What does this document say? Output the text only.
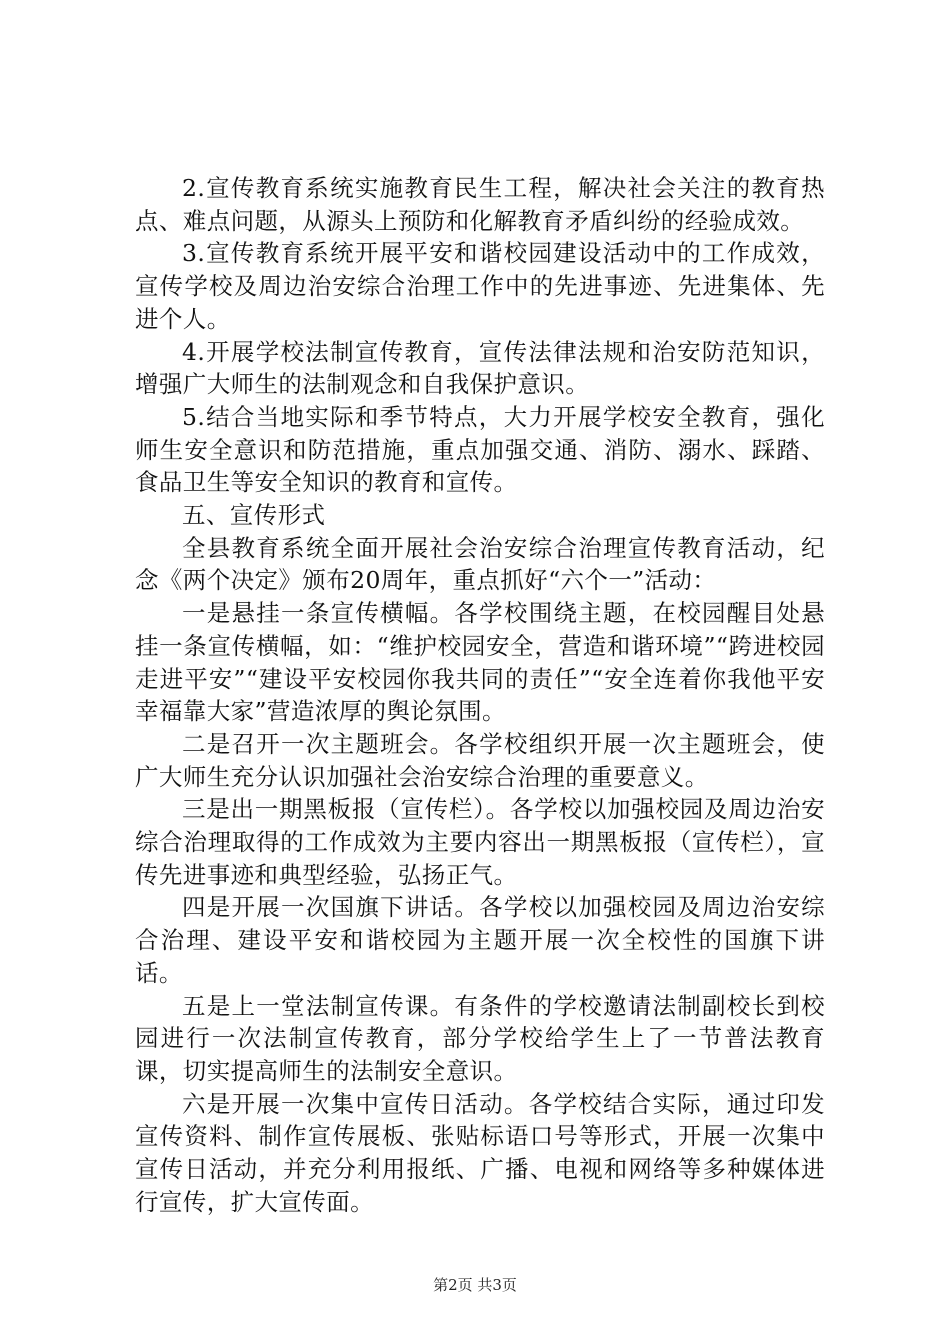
2.宣传教育系统实施教育民生工程，解决社会关注的教育热点、难点问题，从源头上预防和化解教育矛盾纠纷的经验成效。

3.宣传教育系统开展平安和谐校园建设活动中的工作成效，宣传学校及周边治安综合治理工作中的先进事迹、先进集体、先进个人。

4.开展学校法制宣传教育，宣传法律法规和治安防范知识，增强广大师生的法制观念和自我保护意识。

5.结合当地实际和季节特点，大力开展学校安全教育，强化师生安全意识和防范措施，重点加强交通、消防、溺水、踩踏、食品卫生等安全知识的教育和宣传。

五、宣传形式

全县教育系统全面开展社会治安综合治理宣传教育活动，纪念《两个决定》颁布20周年，重点抓好“六个一”活动：

一是悬挂一条宣传横幅。各学校围绕主题，在校园醒目处悬挂一条宣传横幅，如：“维护校园安全，营造和谐环境”“跨进校园走进平安”“建设平安校园你我共同的责任”“安全连着你我他平安幸福靠大家”营造浓厚的舆论氛围。

二是召开一次主题班会。各学校组织开展一次主题班会，使广大师生充分认识加强社会治安综合治理的重要意义。

三是出一期黑板报（宣传栏）。各学校以加强校园及周边治安综合治理取得的工作成效为主要内容出一期黑板报（宣传栏），宣传先进事迹和典型经验，弘扬正气。

四是开展一次国旗下讲话。各学校以加强校园及周边治安综合治理、建设平安和谐校园为主题开展一次全校性的国旗下讲话。

五是上一堂法制宣传课。有条件的学校邀请法制副校长到校园进行一次法制宣传教育，部分学校给学生上了一节普法教育课，切实提高师生的法制安全意识。

六是开展一次集中宣传日活动。各学校结合实际，通过印发宣传资料、制作宣传展板、张贴标语口号等形式，开展一次集中宣传日活动，并充分利用报纸、广播、电视和网络等多种媒体进行宣传，扩大宣传面。

第2页 共3页
